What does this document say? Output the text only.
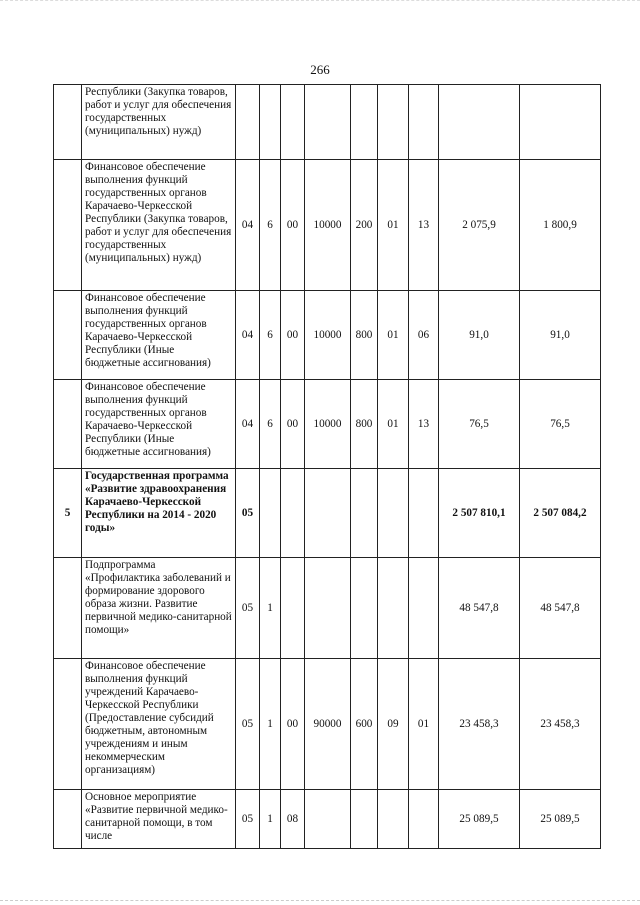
266
	Республики (Закупка товаров, работ и услуг для обеспечения государственных (муниципальных) нужд)									
	Финансовое обеспечение выполнения функций государственных органов Карачаево-Черкесской Республики (Закупка товаров, работ и услуг для обеспечения государственных (муниципальных) нужд)	04	6	00	10000	200	01	13	2 075,9	1 800,9
	Финансовое обеспечение выполнения функций государственных органов Карачаево-Черкесской Республики (Иные бюджетные ассигнования)	04	6	00	10000	800	01	06	91,0	91,0
	Финансовое обеспечение выполнения функций государственных органов Карачаево-Черкесской Республики (Иные бюджетные ассигнования)	04	6	00	10000	800	01	13	76,5	76,5
5	Государственная программа «Развитие здравоохранения Карачаево-Черкесской Республики на 2014 - 2020 годы»	05							2 507 810,1	2 507 084,2
	Подпрограмма «Профилактика заболеваний и формирование здорового образа жизни. Развитие первичной медико-санитарной помощи»	05	1						48 547,8	48 547,8
	Финансовое обеспечение выполнения функций учреждений Карачаево-Черкесской Республики (Предоставление субсидий бюджетным, автономным учреждениям и иным некоммерческим организациям)	05	1	00	90000	600	09	01	23 458,3	23 458,3
	Основное мероприятие «Развитие первичной медико-санитарной помощи, в том числе	05	1	08					25 089,5	25 089,5
